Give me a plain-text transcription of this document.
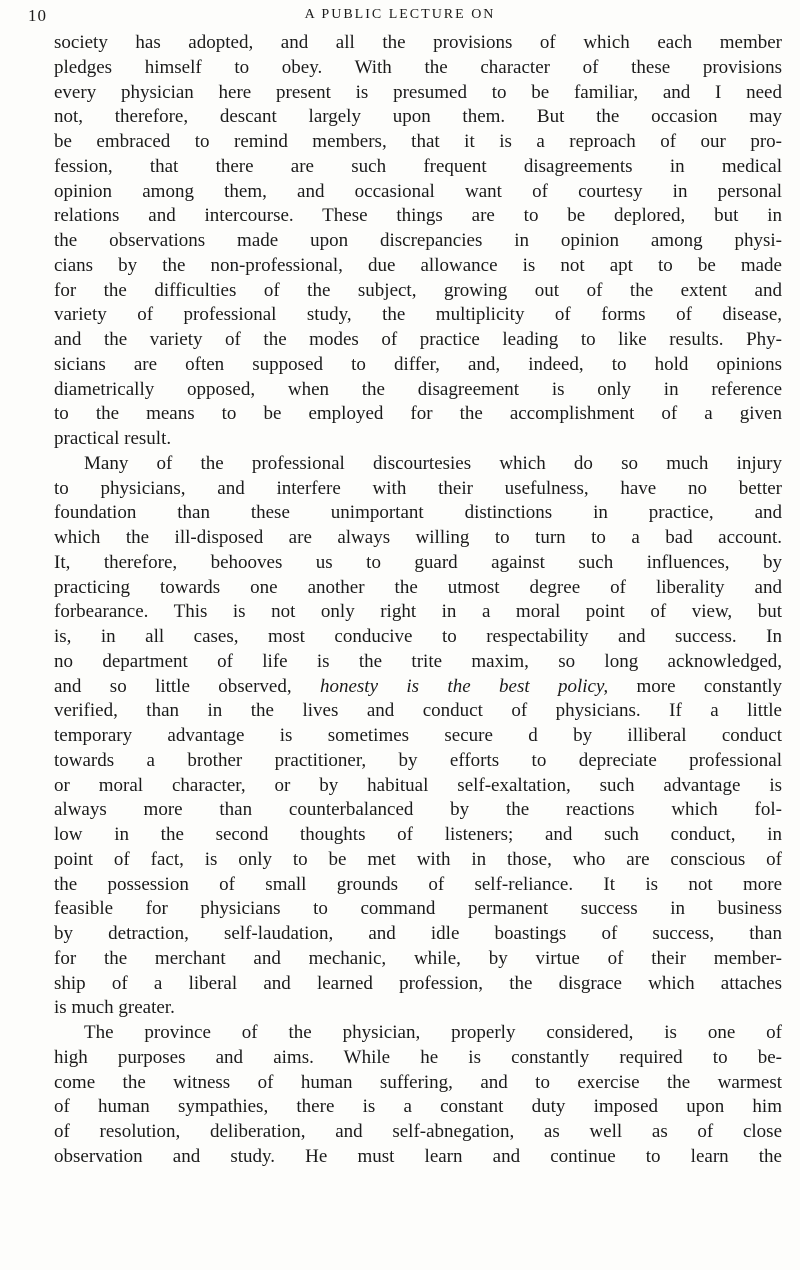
10	A PUBLIC LECTURE ON
society has adopted, and all the provisions of which each member
pledges himself to obey. With the character of these provisions
every physician here present is presumed to be familiar, and I need
not, therefore, descant largely upon them. But the occasion may
be embraced to remind members, that it is a reproach of our pro-
fession, that there are such frequent disagreements in medical
opinion among them, and occasional want of courtesy in personal
relations and intercourse. These things are to be deplored, but in
the observations made upon discrepancies in opinion among physi-
cians by the non-professional, due allowance is not apt to be made
for the difficulties of the subject, growing out of the extent and
variety of professional study, the multiplicity of forms of disease,
and the variety of the modes of practice leading to like results. Phy-
sicians are often supposed to differ, and, indeed, to hold opinions
diametrically opposed, when the disagreement is only in reference
to the means to be employed for the accomplishment of a given
practical result.
Many of the professional discourtesies which do so much injury
to physicians, and interfere with their usefulness, have no better
foundation than these unimportant distinctions in practice, and
which the ill-disposed are always willing to turn to a bad account.
It, therefore, behooves us to guard against such influences, by
practicing towards one another the utmost degree of liberality and
forbearance. This is not only right in a moral point of view, but
is, in all cases, most conducive to respectability and success. In
no department of life is the trite maxim, so long acknowledged,
and so little observed, honesty is the best policy, more constantly
verified, than in the lives and conduct of physicians. If a little
temporary advantage is sometimes secure d by illiberal conduct
towards a brother practitioner, by efforts to depreciate professional
or moral character, or by habitual self-exaltation, such advantage is
always more than counterbalanced by the reactions which fol-
low in the second thoughts of listeners; and such conduct, in
point of fact, is only to be met with in those, who are conscious of
the possession of small grounds of self-reliance. It is not more
feasible for physicians to command permanent success in business
by detraction, self-laudation, and idle boastings of success, than
for the merchant and mechanic, while, by virtue of their member-
ship of a liberal and learned profession, the disgrace which attaches
is much greater.
The province of the physician, properly considered, is one of
high purposes and aims. While he is constantly required to be-
come the witness of human suffering, and to exercise the warmest
of human sympathies, there is a constant duty imposed upon him
of resolution, deliberation, and self-abnegation, as well as of close
observation and study. He must learn and continue to learn the
